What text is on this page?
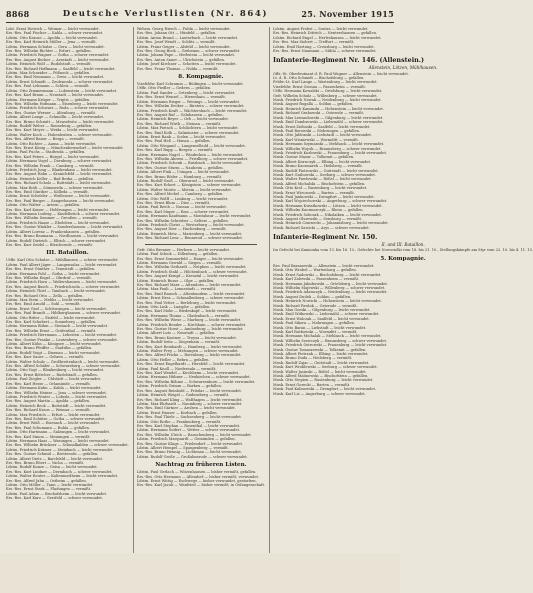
8868	Deutsche Verlustlisten (Nr. 864)	25. November 1915
Ldst. Ernst Dietrich — Weimar — leicht verwundet.
Ers.-Res. Paul Fischer — Kahla — schwer verwundet.
Ldstm. Otto Krause — Apolda — leicht verwundet.
Ers.-Res. Karl Heinrich Müller — Jena — vermißt.
Ldstm. Hermann Schulze — Gera — leicht verwundet.
Ers.-Res. Wilhelm Richter — Erfurt — gefallen.
Ldstm. Friedrich Wagner — Gotha — schwer verwundet.
Ers.-Res. August Becker — Arnstadt — leicht verwundet.
Ldstm. Heinrich Wolf — Rudolstadt — vermißt.
Ers.-Res. Richard Hoffmann — Saalfeld — leicht verwundet.
Ldstm. Max Schneider — Pößneck — gefallen.
Ers.-Res. Emil Neumann — Greiz — leicht verwundet.
Ldstm. Ernst Schmidt — Zeulenroda — schwer verwundet.
Ers.-Res. Paul Lehmann — Schleiz — vermißt.
Ldstm. Otto Zimmermann — Lobenstein — leicht verwundet.
Ers.-Res. Karl Braun — Neustadt — leicht verwundet.
Ldstm. Hermann Krüger — Triptis — gefallen.
Ers.-Res. Wilhelm Hofmann — Eisenberg — leicht verwundet.
Ldstm. Friedrich Schwarz — Roda — schwer verwundet.
Ers.-Res. Gustav Werner — Altenburg — vermißt.
Ldstm. Albert Lange — Schmölln — leicht verwundet.
Ers.-Res. Bruno Schmitt — Meuselwitz — leicht verwundet.
Ldstm. Rudolf Weber — Ronneburg — gefallen.
Ers.-Res. Kurt Meyer — Weida — leicht verwundet.
Ldstm. Walter Koch — Hohenleuben — schwer verwundet.
Ers.-Res. Alfred Bauer — Berga — vermißt.
Ldstm. Otto Richter — Auma — leicht verwundet.
Ers.-Res. Ernst König — Münchenbernsdorf — leicht verwundet.
Ldstm. Paul Fuchs — Stadtroda — gefallen.
Ers.-Res. Karl Peters — Bürgel — leicht verwundet.
Ldstm. Hermann Vogel — Dornburg — schwer verwundet.
Ers.-Res. Wilhelm Frank — Camburg — vermißt.
Ldstm. Friedrich Jung — Blankenhain — leicht verwundet.
Ers.-Res. August Hahn — Kranichfeld — leicht verwundet.
Ldstm. Heinrich Keller — Bad Berka — gefallen.
Ers.-Res. Richard Scholz — Buttstädt — leicht verwundet.
Ldstm. Max Roth — Sömmerda — schwer verwundet.
Ers.-Res. Emil Günther — Kölleda — vermißt.
Ldstm. Ernst Schröder — Weißensee — leicht verwundet.
Ers.-Res. Paul Berger — Sangerhausen — leicht verwundet.
Ldstm. Otto Walter — Artern — gefallen.
Ers.-Res. Karl Kaiser — Heldrungen — leicht verwundet.
Ldstm. Hermann Ludwig — Kindelbrück — schwer verwundet.
Ers.-Res. Wilhelm Sommer — Greußen — vermißt.
Ldstm. Friedrich Haase — Ebeleben — leicht verwundet.
Ers.-Res. Gustav Winkler — Sondershausen — leicht verwundet.
Ldstm. Albert Lorenz — Frankenhausen — gefallen.
Ers.-Res. Bruno Baumann — Nordhausen — leicht verwundet.
Ldstm. Rudolf Dietrich — Ellrich — schwer verwundet.
Ers.-Res. Kurt Seidel — Bleicherode — vermißt.
III. Bataillon.
Utffz. Karl Otto Schulze — Mühlhausen — schwer verwundet.
Ldstm. Paul Albert Jäger — Langensalza — leicht verwundet.
Ers.-Res. Ernst Günther — Tennstedt — gefallen.
Ldstm. Hermann Pohl — Gotha — leicht verwundet.
Ers.-Res. Wilhelm Engel — Ohrdruf — vermißt.
Ldstm. Friedrich Horn — Waltershausen — leicht verwundet.
Ers.-Res. August Busch — Friedrichroda — schwer verwundet.
Ldstm. Heinrich Thiel — Tambach — leicht verwundet.
Ers.-Res. Richard Otto — Zella — gefallen.
Ldstm. Max Stein — Mehlis — leicht verwundet.
Ers.-Res. Emil Arnold — Suhl — vermißt.
Ldstm. Ernst Graf — Schleusingen — leicht verwundet.
Ers.-Res. Paul Brandt — Hildburghausen — schwer verwundet.
Ldstm. Otto Ritter — Eisfeld — leicht verwundet.
Ers.-Res. Karl Schubert — Sonneberg — gefallen.
Ldstm. Hermann Böhm — Steinach — leicht verwundet.
Ers.-Res. Wilhelm Ernst — Gräfenthal — vermißt.
Ldstm. Friedrich Herrmann — Lehesten — leicht verwundet.
Ers.-Res. Gustav Franke — Leutenberg — schwer verwundet.
Ldstm. Albert Kühn — Königsee — leicht verwundet.
Ers.-Res. Bruno Pfeiffer — Stadtilm — gefallen.
Ldstm. Rudolf Voigt — Ilmenau — leicht verwundet.
Ers.-Res. Kurt Sauer — Gehren — vermißt.
Ldstm. Walter Schulz — Großbreitenbach — leicht verwundet.
Ers.-Res. Alfred Schäfer — Schwarzburg — schwer verwundet.
Ldstm. Otto Vogt — Blankenburg — leicht verwundet.
Ers.-Res. Ernst Böttcher — Rudolstadt — gefallen.
Ldstm. Paul Ziegler — Uhlstädt — leicht verwundet.
Ers.-Res. Karl Hesse — Orlamünde — vermißt.
Ldstm. Hermann Kuhn — Kahla — leicht verwundet.
Ers.-Res. Wilhelm Heinze — Jena — schwer verwundet.
Ldstm. Friedrich Winter — Lobeda — leicht verwundet.
Ers.-Res. August Martin — Apolda — gefallen.
Ldstm. Heinrich Beck — Buttstädt — leicht verwundet.
Ers.-Res. Richard Kraus — Weimar — vermißt.
Ldstm. Max Friedrich — Erfurt — leicht verwundet.
Ers.-Res. Emil Schütze — Gotha — schwer verwundet.
Ldstm. Ernst Weiß — Eisenach — leicht verwundet.
Ers.-Res. Paul Schumann — Ruhla — gefallen.
Ldstm. Otto Hartmann — Salzungen — leicht verwundet.
Ers.-Res. Karl Simon — Meiningen — vermißt.
Ldstm. Hermann Haas — Wasungen — leicht verwundet.
Ers.-Res. Wilhelm Brückner — Schmalkalden — schwer verwundet.
Ldstm. Friedrich Krämer — Steinbach — leicht verwundet.
Ers.-Res. Gustav Schmid — Brotterode — gefallen.
Ldstm. Albert Dietz — Barchfeld — leicht verwundet.
Ers.-Res. Bruno Ebert — Vacha — vermißt.
Ldstm. Rudolf Kunze — Geisa — leicht verwundet.
Ers.-Res. Kurt Lindner — Dermbach — schwer verwundet.
Ldstm. Walter Reuter — Kaltennordheim — leicht verwundet.
Ers.-Res. Alfred Jahn — Ostheim — gefallen.
Ldstm. Otto Möller — Tann — leicht verwundet.
Ers.-Res. Ernst Stark — Fladungen — vermißt.
Ldstm. Paul Adam — Bischofsheim — leicht verwundet.
Ers.-Res. Karl Kurz — Gersfeld — schwer verwundet.
Wehrm. Georg Hirsch — Fulda — leicht verwundet.
Ers.-Res. Johann Ott — Hünfeld — gefallen.
Ldstm. Anton Brand — Lauterbach — leicht verwundet.
Ers.-Res. Josef Wendt — Schlitz — vermißt.
Ldstm. Franz Geiger — Alsfeld — leicht verwundet.
Ers.-Res. Georg Bock — Grebenau — schwer verwundet.
Ldstm. Johann Pape — Herbstein — leicht verwundet.
Ers.-Res. Anton Sauer — Ulrichstein — gefallen.
Ldstm. Josef Kirchner — Schotten — leicht verwundet.
Ers.-Res. Franz Thomas — Nidda — vermißt.
8. Kompagnie.
Vizefeldw. Karl Schramm — Büdingen — leicht verwundet.
Utffz. Otto Fiedler — Gedern — gefallen.
Ldstm. Paul Sander — Ortenberg — leicht verwundet.
Ers.-Res. Ernst Wenzel — Hirzenhain — vermißt.
Ldstm. Hermann Rieger — Wenings — leicht verwundet.
Ers.-Res. Wilhelm Decker — Birstein — schwer verwundet.
Ldstm. Friedrich Kraft — Wächtersbach — leicht verwundet.
Ers.-Res. August Ruf — Gelnhausen — gefallen.
Ldstm. Heinrich Beyer — Orb — leicht verwundet.
Ers.-Res. Richard Wirth — Steinau — vermißt.
Ldstm. Max Pietsch — Schlüchtern — leicht verwundet.
Ers.-Res. Emil Kolb — Salmünster — schwer verwundet.
Ldstm. Ernst Raab — Soden — leicht verwundet.
Ers.-Res. Paul Heß — Hanau — gefallen.
Ldstm. Otto Wiegand — Langenselbold — leicht verwundet.
Ers.-Res. Karl Rupp — Bergen — vermißt.
Ldstm. Hermann Nagel — Windecken — leicht verwundet.
Ers.-Res. Wilhelm Ahrens — Friedberg — schwer verwundet.
Ldstm. Friedrich Schenk — Butzbach — leicht verwundet.
Ers.-Res. Gustav Sturm — Nauheim — gefallen.
Ldstm. Albert Fink — Usingen — leicht verwundet.
Ers.-Res. Bruno Röder — Homburg — vermißt.
Ldstm. Rudolf Groß — Oberursel — leicht verwundet.
Ers.-Res. Kurt Eckert — Königstein — schwer verwundet.
Ldstm. Walter Moritz — Idstein — leicht verwundet.
Ers.-Res. Alfred Michel — Camberg — gefallen.
Ldstm. Otto Wolff — Limburg — leicht verwundet.
Ers.-Res. Ernst Blum — Diez — vermißt.
Ldstm. Paul Reich — Nassau — leicht verwundet.
Ers.-Res. Karl Mayer — Ems — schwer verwundet.
Ldstm. Hermann Kaufmann — Montabaur — leicht verwundet.
Ers.-Res. Wilhelm Schreiber — Selters — gefallen.
Ldstm. Friedrich Christ — Westerburg — leicht verwundet.
Ers.-Res. August Dörr — Hachenburg — vermißt.
Ldstm. Heinrich Metz — Marienberg — leicht verwundet.
Ers.-Res. Richard Lenz — Rennerod — schwer verwundet.
Gefr. Otto Brenner — Herborn — leicht verwundet.
Ldstm. Paul Schick — Dillenburg — gefallen.
Ers.-Res. Ernst Sommerfeld — Haiger — leicht verwundet.
Ldstm. Hermann Oswald — Siegen — vermißt.
Ers.-Res. Wilhelm Gerhardt — Netphen — leicht verwundet.
Ldstm. Friedrich Stahl — Hilchenbach — schwer verwundet.
Ers.-Res. August Kempf — Kreuztal — leicht verwundet.
Ldstm. Heinrich Busse — Olpe — gefallen.
Ers.-Res. Richard Marx — Attendorn — leicht verwundet.
Ldstm. Max Pauli — Lennestadt — vermißt.
Ers.-Res. Emil Rausch — Altenhundem — leicht verwundet.
Ldstm. Ernst Hess — Schmallenberg — schwer verwundet.
Ers.-Res. Paul Vetter — Berleburg — leicht verwundet.
Ldstm. Otto Link — Laasphe — gefallen.
Ers.-Res. Karl Mohr — Biedenkopf — leicht verwundet.
Ldstm. Hermann Thoma — Gladenbach — vermißt.
Ers.-Res. Wilhelm Wiese — Marburg — leicht verwundet.
Ldstm. Friedrich Bender — Kirchhain — schwer verwundet.
Ers.-Res. Gustav Horst — Amöneburg — leicht verwundet.
Ldstm. Albert Lutz — Neustadt — gefallen.
Ers.-Res. Bruno Kastner — Treysa — leicht verwundet.
Ldstm. Rudolf Seitz — Ziegenhain — vermißt.
Ers.-Res. Kurt Reinhardt — Homberg — leicht verwundet.
Ldstm. Walter Frey — Melsungen — schwer verwundet.
Ers.-Res. Alfred Fricke — Rotenburg — leicht verwundet.
Ldstm. Otto Heller — Bebra — gefallen.
Ers.-Res. Ernst Engelhardt — Hersfeld — leicht verwundet.
Ldstm. Paul Knoll — Niederaula — vermißt.
Ers.-Res. Karl Wendel — Kirchheim — leicht verwundet.
Ldstm. Hermann Hübner — Neukirchen — schwer verwundet.
Ers.-Res. Wilhelm Böhme — Schwarzenborn — leicht verwundet.
Ldstm. Friedrich Grimm — Borken — gefallen.
Ers.-Res. August Reinhold — Fritzlar — leicht verwundet.
Ldstm. Heinrich Weigel — Gudensberg — vermißt.
Ers.-Res. Richard Kling — Wolfhagen — leicht verwundet.
Ldstm. Max Ehrhardt — Naumburg — schwer verwundet.
Ers.-Res. Emil Gärtner — Arolsen — leicht verwundet.
Ldstm. Ernst Hauser — Korbach — gefallen.
Ers.-Res. Paul Thiele — Sachsenberg — leicht verwundet.
Ldstm. Otto Rothe — Frankenberg — vermißt.
Ers.-Res. Karl Stephan — Rosenthal — leicht verwundet.
Ldstm. Hermann Seifert — Wetter — schwer verwundet.
Ers.-Res. Wilhelm Ulrich — Rauschenberg — leicht verwundet.
Ldstm. Friedrich Marquardt — Gemünden — gefallen.
Ers.-Res. Gustav Kluge — Frielendorf — leicht verwundet.
Ldstm. Albert Hempel — Spangenberg — vermißt.
Ers.-Res. Bruno Hennig — Lichtenau — leicht verwundet.
Ldstm. Rudolf Große — Großalmerode — schwer verwundet.
Nachtrag zu früheren Listen.
Ldstm. Paul Gerlach — Witzenhausen — bisher vermißt, gefallen.
Ers.-Res. Otto Hermann — Allendorf — bisher vermißt, verwundet.
Ldstm. Ernst Wittig — Eschwege — bisher verwundet, gestorben.
Ers.-Res. Karl Jacob — Wanfried — bisher vermißt, in Gefangenschaft.
Ldstm. August Probst — Sontra — leicht verwundet.
Ers.-Res. Heinrich Dittrich — Nentershausen — gefallen.
Ldstm. Richard Engel — Herleshausen — leicht verwundet.
Ers.-Res. Max Siebert — Treffurt — vermißt.
Ldstm. Emil Hartung — Creuzburg — leicht verwundet.
Ers.-Res. Ernst Naumann — Mihla — schwer verwundet.
Infanterie-Regiment Nr. 146. (Allenstein.)
Allenstein, Lötzen, Mühlhausen.
Offz.-St. Oberleutnant d. R. Paul Wagner — Allenstein — leicht verwundet.
Lt. d. R. Otto Schmidt — Bischofsburg — gefallen.
Feldw.-Lt. Karl Lange — Wartenburg — leicht verwundet.
Vizefeldw. Ernst Gronau — Passenheim — vermißt.
Utffz. Hermann Kowalski — Ortelsburg — leicht verwundet.
Gefr. Wilhelm Schulz — Willenberg — schwer verwundet.
Musk. Friedrich Nowak — Neidenburg — leicht verwundet.
Musk. August Rogalla — Soldau — gefallen.
Musk. Heinrich Kaminski — Hohenstein — leicht verwundet.
Musk. Richard Grabowski — Osterode — vermißt.
Musk. Max Lewandowski — Gilgenburg — leicht verwundet.
Musk. Emil Dombrowski — Liebemühl — schwer verwundet.
Musk. Ernst Zielinski — Saalfeld — leicht verwundet.
Musk. Paul Borowski — Mohrungen — gefallen.
Musk. Otto Jablonski — Liebstadt — leicht verwundet.
Musk. Karl Wisniewski — Wormditt — vermißt.
Musk. Hermann Szymanski — Mehlsack — leicht verwundet.
Musk. Wilhelm Wojcik — Braunsberg — schwer verwundet.
Musk. Friedrich Kozlowski — Frauenburg — leicht verwundet.
Musk. Gustav Mazur — Tolkemit — gefallen.
Musk. Albert Krawczyk — Elbing — leicht verwundet.
Musk. Bruno Kaczmarek — Heilsberg — vermißt.
Musk. Rudolf Piotrowski — Guttstadt — leicht verwundet.
Musk. Kurt Grabowski — Seeburg — schwer verwundet.
Musk. Walter Pawlowski — Rößel — leicht verwundet.
Musk. Alfred Michalski — Bischofstein — gefallen.
Musk. Otto Krol — Rastenburg — leicht verwundet.
Musk. Ernst Wieczorek — Barten — vermißt.
Musk. Paul Jankowski — Drengfurt — leicht verwundet.
Musk. Karl Wojciechowski — Angerburg — schwer verwundet.
Musk. Hermann Kwiatkowski — Lötzen — leicht verwundet.
Musk. Wilhelm Kaczmarczyk — Rhein — gefallen.
Musk. Friedrich Sobczak — Nikolaiken — leicht verwundet.
Musk. August Olszewski — Sensburg — vermißt.
Musk. Heinrich Czarnecki — Johannisburg — leicht verwundet.
Musk. Richard Sawicki — Arys — schwer verwundet.
Infanterie-Regiment Nr. 150.
II. und III. Bataillon.
Im Gefecht bei Kamionka vom 13. bis 16. 10., Gefechte bei Nowosiolki vom 18. bis 21. 10., Stellungskämpfe am Styr vom 22. 10. bis 4. 11. 15.
5. Kompagnie.
Res. Paul Baranowski — Allenstein — leicht verwundet.
Musk. Otto Wrobel — Wartenburg — gefallen.
Musk. Ernst Sadowski — Bischofsburg — leicht verwundet.
Musk. Karl Zalewski — Passenheim — vermißt.
Musk. Hermann Jakubowski — Ortelsburg — leicht verwundet.
Musk. Wilhelm Majewski — Willenberg — schwer verwundet.
Musk. Friedrich Adamczyk — Neidenburg — leicht verwundet.
Musk. August Dudek — Soldau — gefallen.
Musk. Heinrich Nowicki — Hohenstein — leicht verwundet.
Musk. Richard Pawlak — Osterode — vermißt.
Musk. Max Gorski — Gilgenburg — leicht verwundet.
Musk. Emil Witkowski — Liebemühl — schwer verwundet.
Musk. Ernst Walczak — Saalfeld — leicht verwundet.
Musk. Paul Sikora — Mohrungen — gefallen.
Musk. Otto Baran — Liebstadt — leicht verwundet.
Musk. Karl Rutkowski — Wormditt — vermißt.
Musk. Hermann Michalak — Mehlsack — leicht verwundet.
Musk. Wilhelm Szewczyk — Braunsberg — schwer verwundet.
Musk. Friedrich Ostrowski — Frauenburg — leicht verwundet.
Musk. Gustav Tomaszewski — Tolkemit — gefallen.
Musk. Albert Pietrzak — Elbing — leicht verwundet.
Musk. Bruno Duda — Heilsberg — vermißt.
Musk. Rudolf Zajac — Guttstadt — leicht verwundet.
Musk. Kurt Wroblewski — Seeburg — schwer verwundet.
Musk. Walter Jasinski — Rößel — leicht verwundet.
Musk. Alfred Malinowski — Bischofstein — gefallen.
Musk. Otto Stepien — Rastenburg — leicht verwundet.
Musk. Ernst Gorecki — Barten — vermißt.
Musk. Paul Kalinowski — Drengfurt — leicht verwundet.
Musk. Karl Lis — Angerburg — schwer verwundet.
